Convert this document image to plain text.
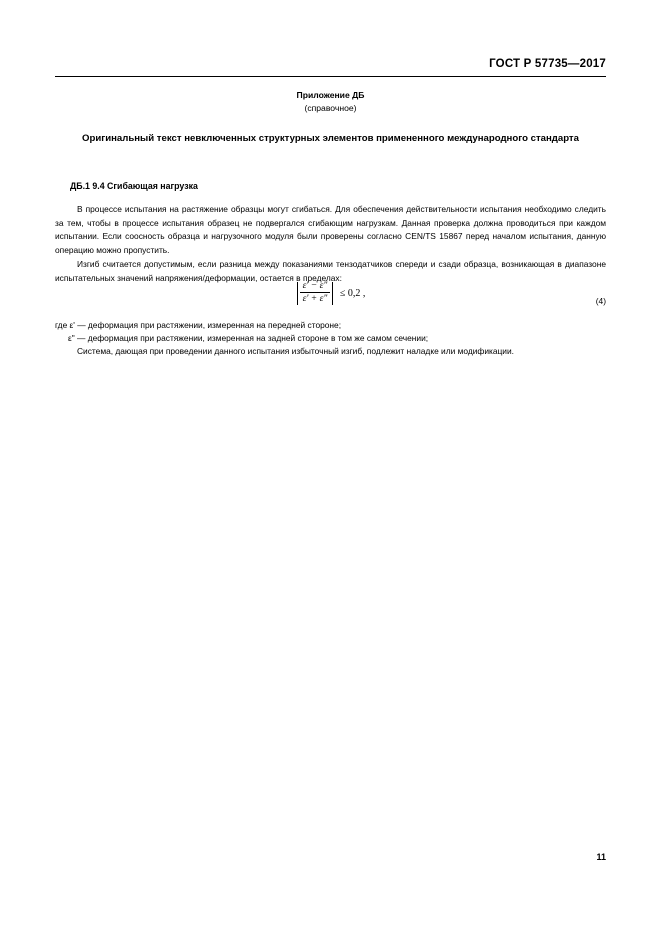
ГОСТ Р 57735—2017
Приложение ДБ
(справочное)
Оригинальный текст невключенных структурных элементов примененного международного стандарта
ДБ.1 9.4 Сгибающая нагрузка

В процессе испытания на растяжение образцы могут сгибаться. Для обеспечения действительности испытания необходимо следить за тем, чтобы в процессе испытания образец не подвергался сгибающим нагрузкам. Данная проверка должна проводиться при каждом испытании. Если соосность образца и нагрузочного модуля были проверены согласно CEN/TS 15867 перед началом испытания, данную операцию можно пропустить.

Изгиб считается допустимым, если разница между показаниями тензодатчиков спереди и сзади образца, возникающая в диапазоне испытательных значений напряжения/деформации, остается в пределах:

$\frac{\varepsilon' - \varepsilon"}{\varepsilon' + \varepsilon"} \le 0,2$ ,
(4)
где ε' — деформация при растяжении, измеренная на передней стороне;
ε" — деформация при растяжении, измеренная на задней стороне в том же самом сечении;

Система, дающая при проведении данного испытания избыточный изгиб, подлежит наладке или модификации.

11
